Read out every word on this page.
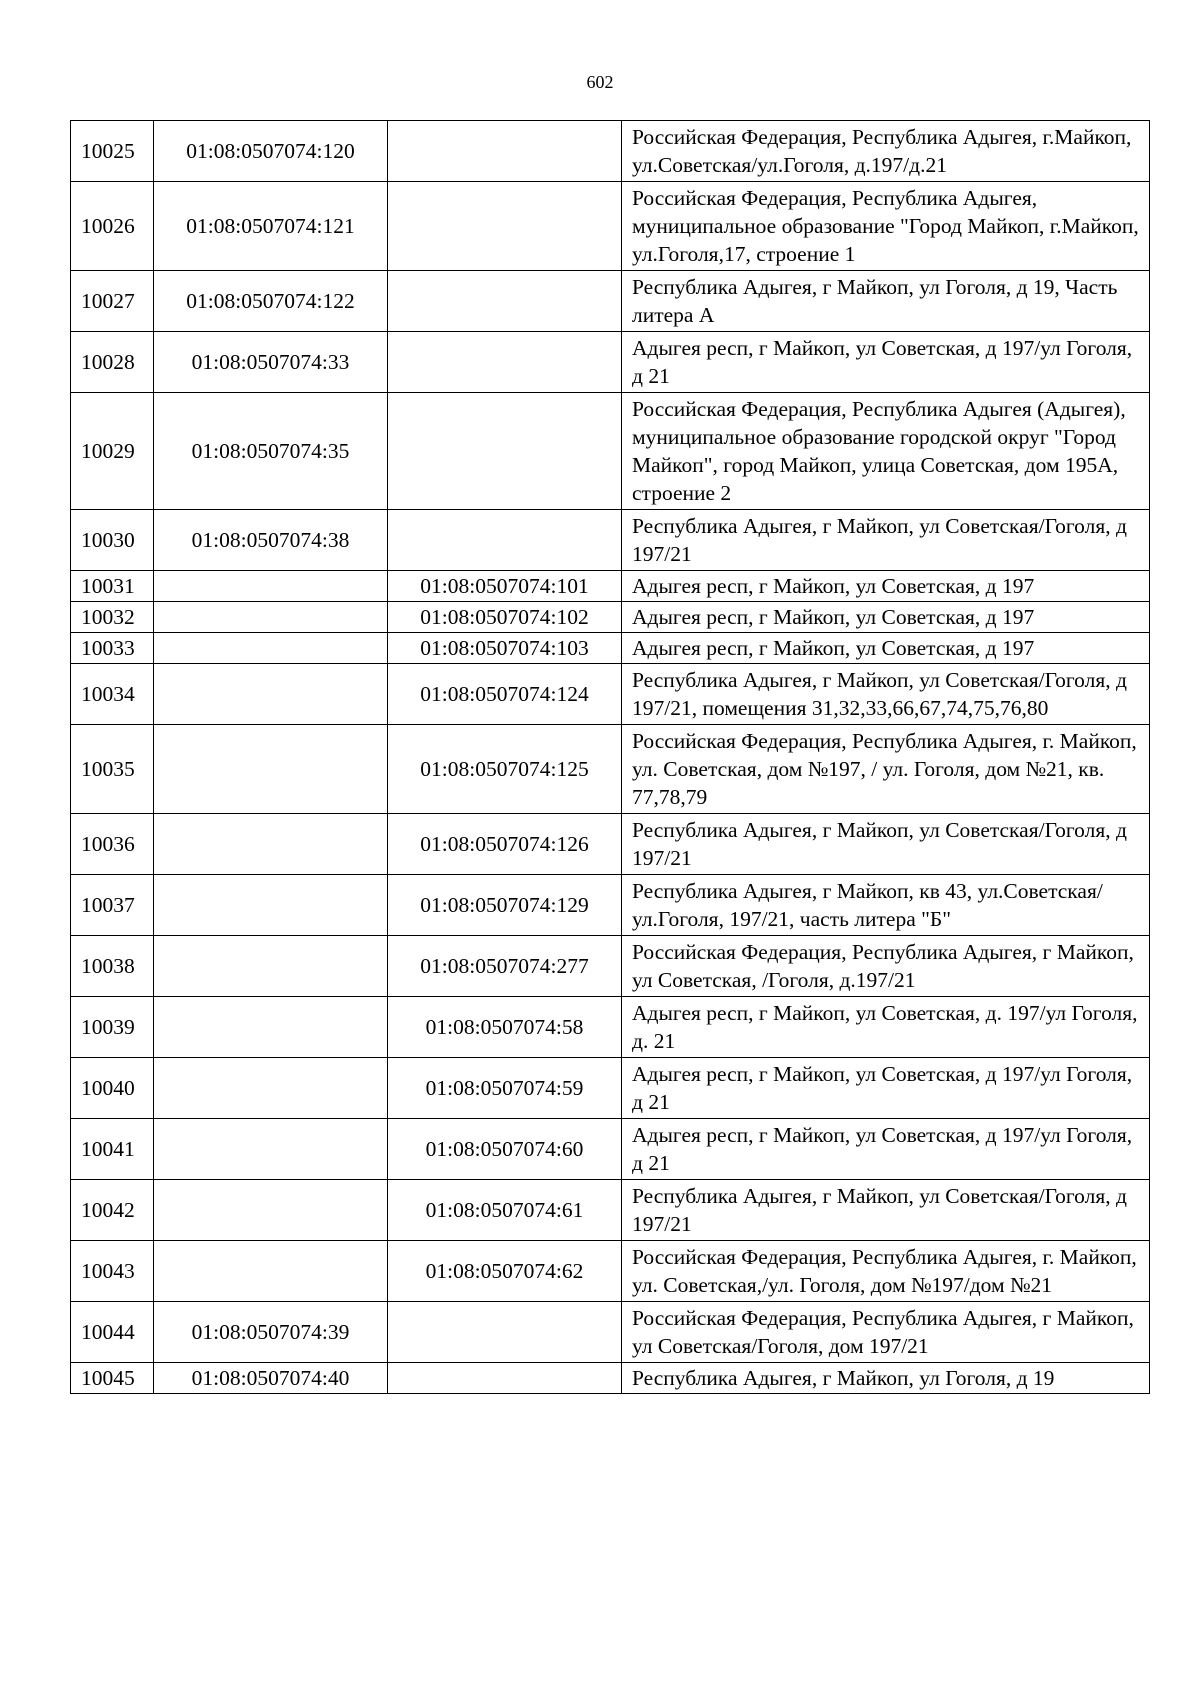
602
10025	01:08:0507074:120		Российская Федерация, Республика Адыгея, г.Майкоп, ул.Советская/ул.Гоголя, д.197/д.21
10026	01:08:0507074:121		Российская Федерация, Республика Адыгея, муниципальное образование "Город Майкоп, г.Майкоп, ул.Гоголя,17, строение 1
10027	01:08:0507074:122		Республика Адыгея, г Майкоп, ул Гоголя, д 19, Часть литера А
10028	01:08:0507074:33		Адыгея респ, г Майкоп, ул Советская, д 197/ул Гоголя, д 21
10029	01:08:0507074:35		Российская Федерация, Республика Адыгея (Адыгея), муниципальное образование городской округ "Город Майкоп", город Майкоп, улица Советская, дом 195А, строение 2
10030	01:08:0507074:38		Республика Адыгея, г Майкоп, ул Советская/Гоголя, д 197/21
10031		01:08:0507074:101	Адыгея респ, г Майкоп, ул Советская, д 197
10032		01:08:0507074:102	Адыгея респ, г Майкоп, ул Советская, д 197
10033		01:08:0507074:103	Адыгея респ, г Майкоп, ул Советская, д 197
10034		01:08:0507074:124	Республика Адыгея, г Майкоп, ул Советская/Гоголя, д 197/21, помещения 31,32,33,66,67,74,75,76,80
10035		01:08:0507074:125	Российская Федерация, Республика Адыгея, г. Майкоп, ул. Советская, дом №197, / ул. Гоголя, дом №21, кв. 77,78,79
10036		01:08:0507074:126	Республика Адыгея, г Майкоп, ул Советская/Гоголя, д 197/21
10037		01:08:0507074:129	Республика Адыгея, г Майкоп, кв 43, ул.Советская/ул.Гоголя, 197/21, часть литера "Б"
10038		01:08:0507074:277	Российская Федерация, Республика Адыгея, г Майкоп, ул Советская, /Гоголя, д.197/21
10039		01:08:0507074:58	Адыгея респ, г Майкоп, ул Советская, д. 197/ул Гоголя, д. 21
10040		01:08:0507074:59	Адыгея респ, г Майкоп, ул Советская, д 197/ул Гоголя, д 21
10041		01:08:0507074:60	Адыгея респ, г Майкоп, ул Советская, д 197/ул Гоголя, д 21
10042		01:08:0507074:61	Республика Адыгея, г Майкоп, ул Советская/Гоголя, д 197/21
10043		01:08:0507074:62	Российская Федерация, Республика Адыгея, г. Майкоп, ул. Советская,/ул. Гоголя, дом №197/дом №21
10044	01:08:0507074:39		Российская Федерация, Республика Адыгея, г Майкоп, ул Советская/Гоголя, дом 197/21
10045	01:08:0507074:40		Республика Адыгея, г Майкоп, ул Гоголя, д 19
